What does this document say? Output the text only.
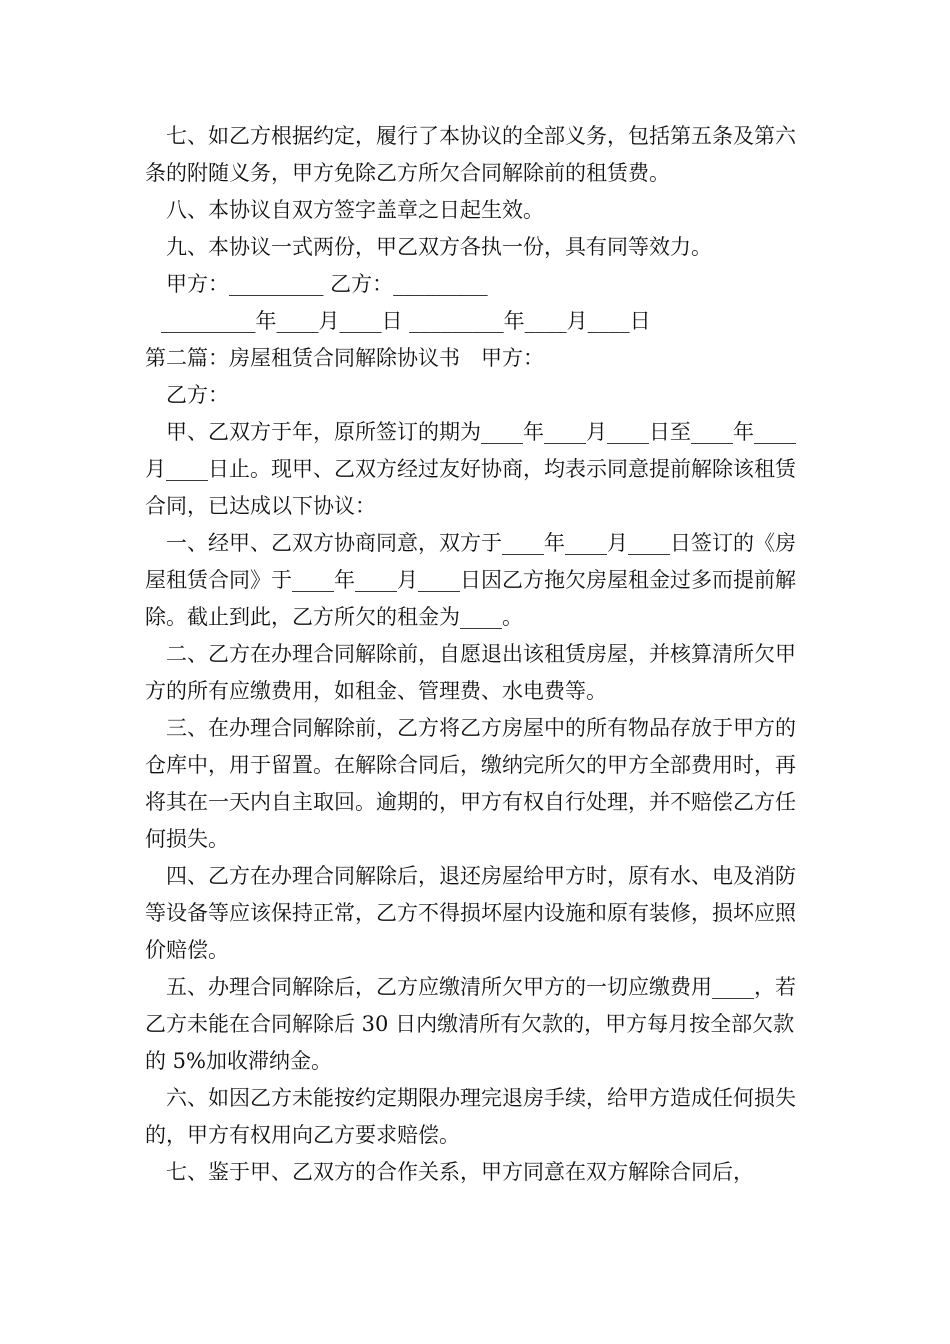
七、如乙方根据约定，履行了本协议的全部义务，包括第五条及第六条的附随义务，甲方免除乙方所欠合同解除前的租赁费。

八、本协议自双方签字盖章之日起生效。

九、本协议一式两份，甲乙双方各执一份，具有同等效力。

甲方：_________ 乙方：_________

_________年____月____日 _________年____月____日

第二篇：房屋租赁合同解除协议书　甲方：

乙方：

甲、乙双方于年，原所签订的期为____年____月____日至____年____月____日止。现甲、乙双方经过友好协商，均表示同意提前解除该租赁合同，已达成以下协议：

一、经甲、乙双方协商同意，双方于____年____月____日签订的《房屋租赁合同》于____年____月____日因乙方拖欠房屋租金过多而提前解除。截止到此，乙方所欠的租金为____。

二、乙方在办理合同解除前，自愿退出该租赁房屋，并核算清所欠甲方的所有应缴费用，如租金、管理费、水电费等。

三、在办理合同解除前，乙方将乙方房屋中的所有物品存放于甲方的仓库中，用于留置。在解除合同后，缴纳完所欠的甲方全部费用时，再将其在一天内自主取回。逾期的，甲方有权自行处理，并不赔偿乙方任何损失。

四、乙方在办理合同解除后，退还房屋给甲方时，原有水、电及消防等设备等应该保持正常，乙方不得损坏屋内设施和原有装修，损坏应照价赔偿。

五、办理合同解除后，乙方应缴清所欠甲方的一切应缴费用____，若乙方未能在合同解除后 30 日内缴清所有欠款的，甲方每月按全部欠款的 5%加收滞纳金。

六、如因乙方未能按约定期限办理完退房手续，给甲方造成任何损失的，甲方有权用向乙方要求赔偿。

七、鉴于甲、乙双方的合作关系，甲方同意在双方解除合同后，
